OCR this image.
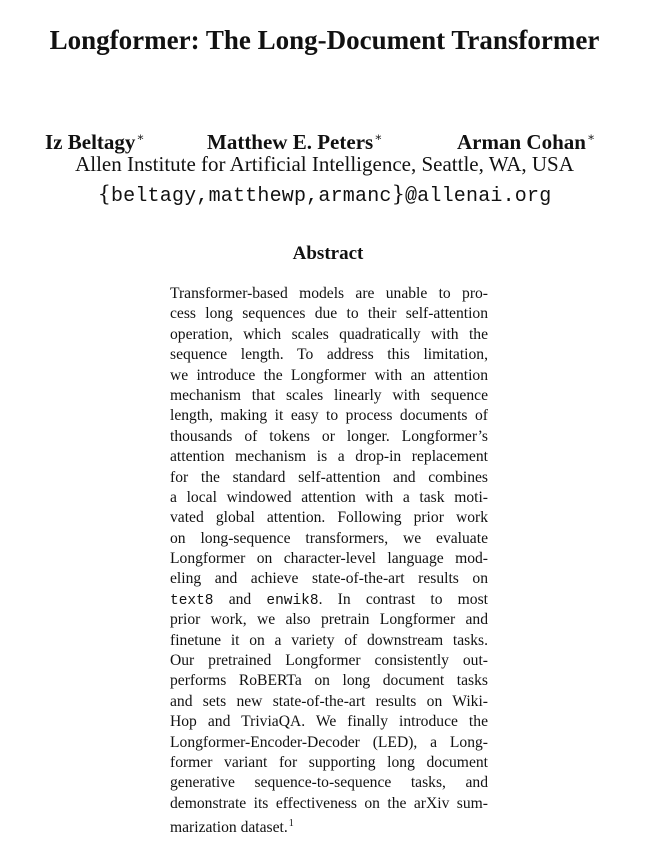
Longformer: The Long-Document Transformer
Iz Beltagy∗	Matthew E. Peters∗	Arman Cohan∗
Allen Institute for Artificial Intelligence, Seattle, WA, USA
{beltagy,matthewp,armanc}@allenai.org
Abstract
Transformer-based models are unable to pro-
cess long sequences due to their self-attention
operation, which scales quadratically with the
sequence length. To address this limitation,
we introduce the Longformer with an attention
mechanism that scales linearly with sequence
length, making it easy to process documents of
thousands of tokens or longer. Longformer’s
attention mechanism is a drop-in replacement
for the standard self-attention and combines
a local windowed attention with a task moti-
vated global attention. Following prior work
on long-sequence transformers, we evaluate
Longformer on character-level language mod-
eling and achieve state-of-the-art results on
text8 and enwik8. In contrast to most
prior work, we also pretrain Longformer and
finetune it on a variety of downstream tasks.
Our pretrained Longformer consistently out-
performs RoBERTa on long document tasks
and sets new state-of-the-art results on Wiki-
Hop and TriviaQA. We finally introduce the
Longformer-Encoder-Decoder (LED), a Long-
former variant for supporting long document
generative sequence-to-sequence tasks, and
demonstrate its effectiveness on the arXiv sum-
marization dataset.$^1$
